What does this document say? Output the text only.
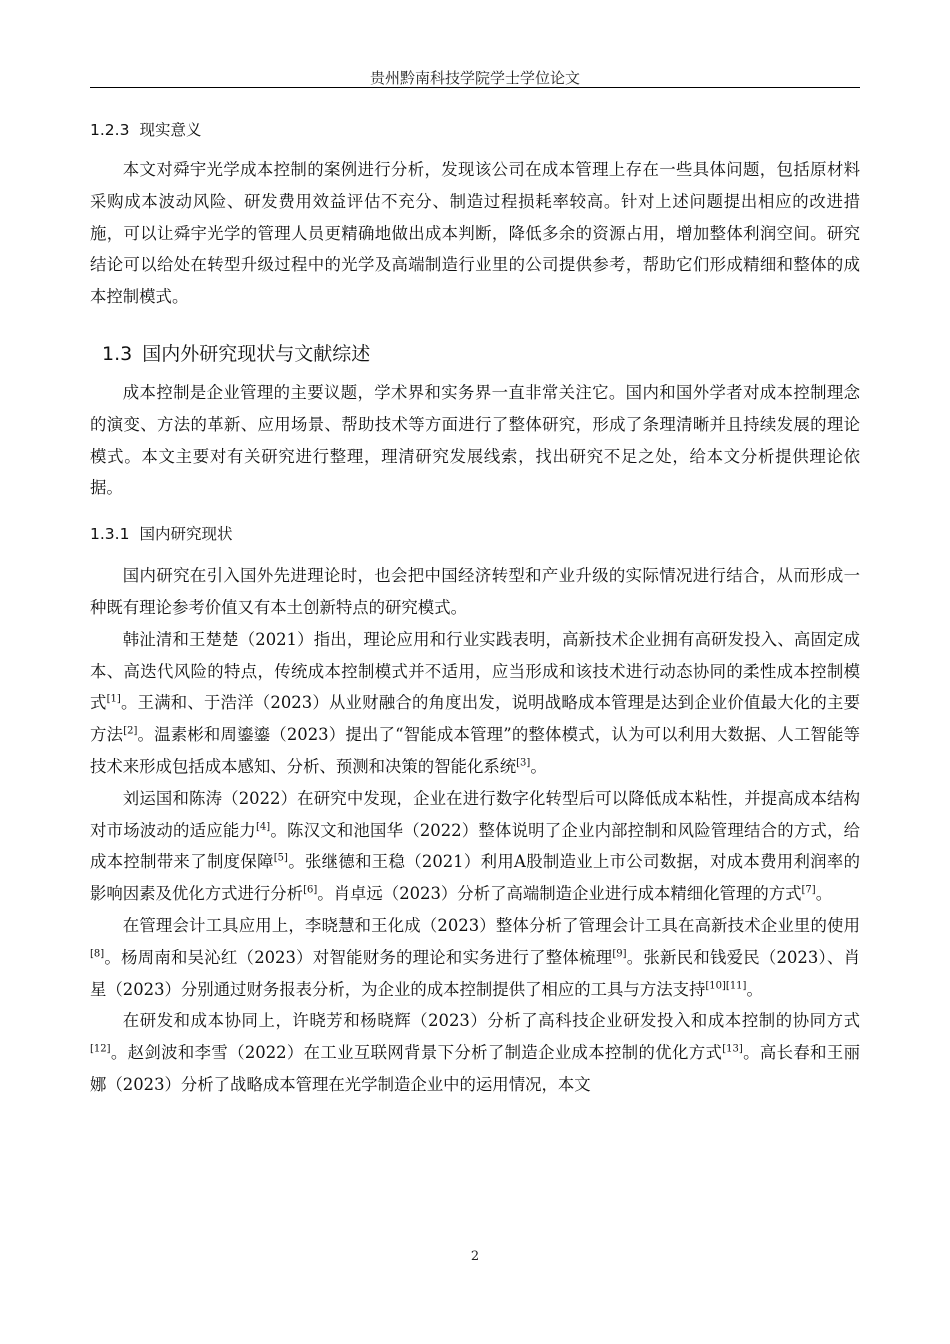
贵州黔南科技学院学士学位论文
1.2.3 现实意义

本文对舜宇光学成本控制的案例进行分析，发现该公司在成本管理上存在一些具体问题，包括原材料采购成本波动风险、研发费用效益评估不充分、制造过程损耗率较高。针对上述问题提出相应的改进措施，可以让舜宇光学的管理人员更精确地做出成本判断，降低多余的资源占用，增加整体利润空间。研究结论可以给处在转型升级过程中的光学及高端制造行业里的公司提供参考，帮助它们形成精细和整体的成本控制模式。

1.3 国内外研究现状与文献综述

成本控制是企业管理的主要议题，学术界和实务界一直非常关注它。国内和国外学者对成本控制理念的演变、方法的革新、应用场景、帮助技术等方面进行了整体研究，形成了条理清晰并且持续发展的理论模式。本文主要对有关研究进行整理，理清研究发展线索，找出研究不足之处，给本文分析提供理论依据。

1.3.1 国内研究现状

国内研究在引入国外先进理论时，也会把中国经济转型和产业升级的实际情况进行结合，从而形成一种既有理论参考价值又有本土创新特点的研究模式。

韩沚清和王楚楚（2021）指出，理论应用和行业实践表明，高新技术企业拥有高研发投入、高固定成本、高迭代风险的特点，传统成本控制模式并不适用，应当形成和该技术进行动态协同的柔性成本控制模式[1]。王满和、于浩洋（2023）从业财融合的角度出发，说明战略成本管理是达到企业价值最大化的主要方法[2]。温素彬和周鎏鎏（2023）提出了“智能成本管理”的整体模式，认为可以利用大数据、人工智能等技术来形成包括成本感知、分析、预测和决策的智能化系统[3]。

刘运国和陈涛（2022）在研究中发现，企业在进行数字化转型后可以降低成本粘性，并提高成本结构对市场波动的适应能力[4]。陈汉文和池国华（2022）整体说明了企业内部控制和风险管理结合的方式，给成本控制带来了制度保障[5]。张继德和王稳（2021）利用A股制造业上市公司数据，对成本费用利润率的影响因素及优化方式进行分析[6]。肖卓远（2023）分析了高端制造企业进行成本精细化管理的方式[7]。

在管理会计工具应用上，李晓慧和王化成（2023）整体分析了管理会计工具在高新技术企业里的使用[8]。杨周南和吴沁红（2023）对智能财务的理论和实务进行了整体梳理[9]。张新民和钱爱民（2023）、肖星（2023）分别通过财务报表分析，为企业的成本控制提供了相应的工具与方法支持[10][11]。

在研发和成本协同上，许晓芳和杨晓辉（2023）分析了高科技企业研发投入和成本控制的协同方式[12]。赵剑波和李雪（2022）在工业互联网背景下分析了制造企业成本控制的优化方式[13]。高长春和王丽娜（2023）分析了战略成本管理在光学制造企业中的运用情况，本文

2
